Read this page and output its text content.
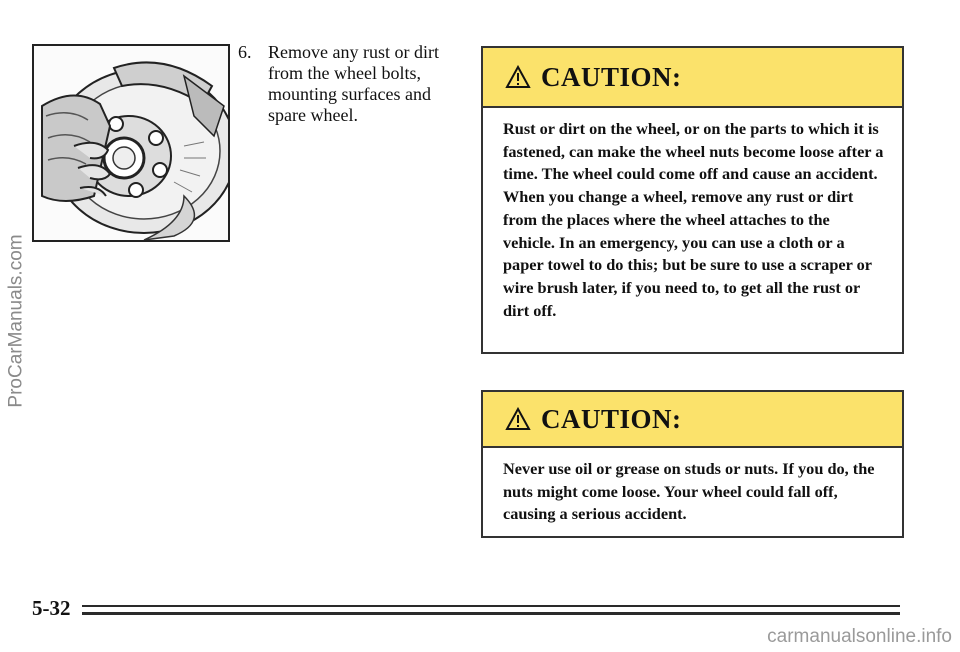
ProCarManuals.com
6. Remove any rust or dirt from the wheel bolts, mounting surfaces and spare wheel.
CAUTION:
Rust or dirt on the wheel, or on the parts to which it is fastened, can make the wheel nuts become loose after a time. The wheel could come off and cause an accident. When you change a wheel, remove any rust or dirt from the places where the wheel attaches to the vehicle. In an emergency, you can use a cloth or a paper towel to do this; but be sure to use a scraper or wire brush later, if you need to, to get all the rust or dirt off.
CAUTION:
Never use oil or grease on studs or nuts. If you do, the nuts might come loose. Your wheel could fall off, causing a serious accident.
5-32
carmanualsonline.info
